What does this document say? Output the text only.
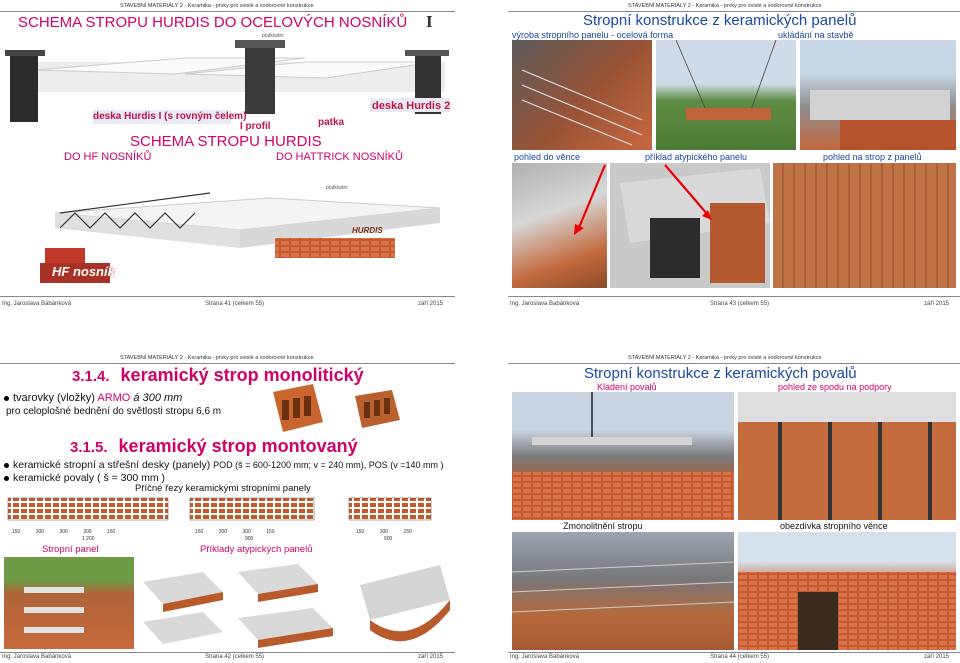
STAVEBNÍ MATERIÁLY 2 - Keramika - prvky pro svislé a vodorovné konstrukce
SCHEMA STROPU HURDIS DO OCELOVÝCH NOSNÍKŮ I
podkladní
deska Hurdis 2
deska Hurdis I (s rovným čelem)
patka
I profil
SCHEMA STROPU HURDIS
DO HF NOSNÍKŮ	DO HATTRICK NOSNÍKŮ
podkladní
HURDIS
HF nosník
Ing. Jaroslava Babánková	Strana 41 (celkem 55)	září 2015
STAVEBNÍ MATERIÁLY 2 - Keramika - prvky pro svislé a vodorovné konstrukce
Stropní konstrukce z keramických panelů
výroba stropního panelu - ocelová forma	ukládání na stavbě
pohled do věnce	příklad atypického panelu	pohled na strop z panelů
Ing. Jaroslava Babánková	Strana 43 (celkem 55)	září 2015
STAVEBNÍ MATERIÁLY 2 - Keramika - prvky pro svislé a vodorovné konstrukce
3.1.4. keramický strop monolitický
tvarovky (vložky) ARMO á 300 mm
pro celoplošné bednění do světlosti stropu 6,6 m
3.1.5. keramický strop montovaný
keramické stropní a střešní desky (panely) POD (š = 600-1200 mm; v = 240 mm), POS (v =140 mm )
keramické povaly ( š = 300 mm )
Příčné řezy keramickými stropními panely
150	300	300	300	150
1 200
150	300	300	150
900
150	300	150
600
Stropní panel	Příklady atypických panelů
Ing. Jaroslava Babánková	Strana 42 (celkem 55)	září 2015
STAVEBNÍ MATERIÁLY 2 - Keramika - prvky pro svislé a vodorovné konstrukce
Stropní konstrukce z keramických povalů
Kladení povalů	pohled ze spodu na podpory
Zmonolitnění stropu	obezdívka stropního věnce
Ing. Jaroslava Babánková	Strana 44 (celkem 55)	září 2015
